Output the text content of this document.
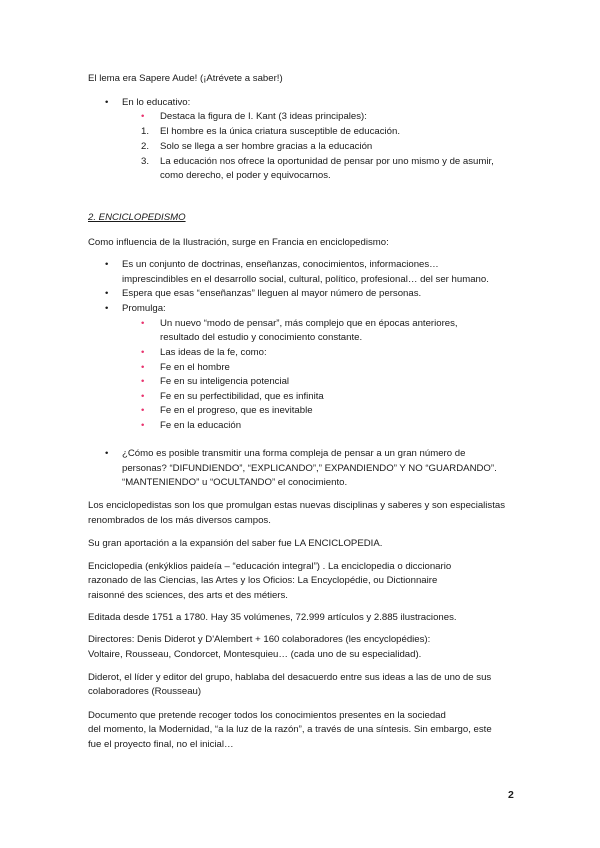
El lema era Sapere Aude! (¡Atrévete a saber!)

• En lo educativo:
• Destaca la figura de I. Kant (3 ideas principales):
1. El hombre es la única criatura susceptible de educación.
2. Solo se llega a ser hombre gracias a la educación
3. La educación nos ofrece la oportunidad de pensar por uno mismo y de asumir,
como derecho, el poder y equivocarnos.
2. ENCICLOPEDISMO

Como influencia de la Ilustración, surge en Francia en enciclopedismo:

• Es un conjunto de doctrinas, enseñanzas, conocimientos, informaciones…
imprescindibles en el desarrollo social, cultural, político, profesional… del ser humano.
• Espera que esas “enseñanzas” lleguen al mayor número de personas.
• Promulga:
• Un nuevo “modo de pensar”, más complejo que en épocas anteriores,
resultado del estudio y conocimiento constante.
• Las ideas de la fe, como:
• Fe en el hombre
• Fe en su inteligencia potencial
• Fe en su perfectibilidad, que es infinita
• Fe en el progreso, que es inevitable
• Fe en la educación
• ¿Cómo es posible transmitir una forma compleja de pensar a un gran número de
personas? “DIFUNDIENDO”, “EXPLICANDO”,” EXPANDIENDO” Y NO “GUARDANDO”.
“MANTENIENDO” u “OCULTANDO” el conocimiento.

Los enciclopedistas son los que promulgan estas nuevas disciplinas y saberes y son especialistas

renombrados de los más diversos campos.

Su gran aportación a la expansión del saber fue LA ENCICLOPEDIA.

Enciclopedia (enkýklios paideía – “educación integral”) . La enciclopedia o diccionario

razonado de las Ciencias, las Artes y los Oficios: La Encyclopédie, ou Dictionnaire

raisonné des sciences, des arts et des métiers.

Editada desde 1751 a 1780. Hay 35 volúmenes, 72.999 artículos y 2.885 ilustraciones.

Directores: Denis Diderot y D'Alembert + 160 colaboradores (les encyclopédies):

Voltaire, Rousseau, Condorcet, Montesquieu… (cada uno de su especialidad).

Diderot, el líder y editor del grupo, hablaba del desacuerdo entre sus ideas a las de uno de sus

colaboradores (Rousseau)

Documento que pretende recoger todos los conocimientos presentes en la sociedad

del momento, la Modernidad, “a la luz de la razón”, a través de una síntesis. Sin embargo, este

fue el proyecto final, no el inicial…

2
